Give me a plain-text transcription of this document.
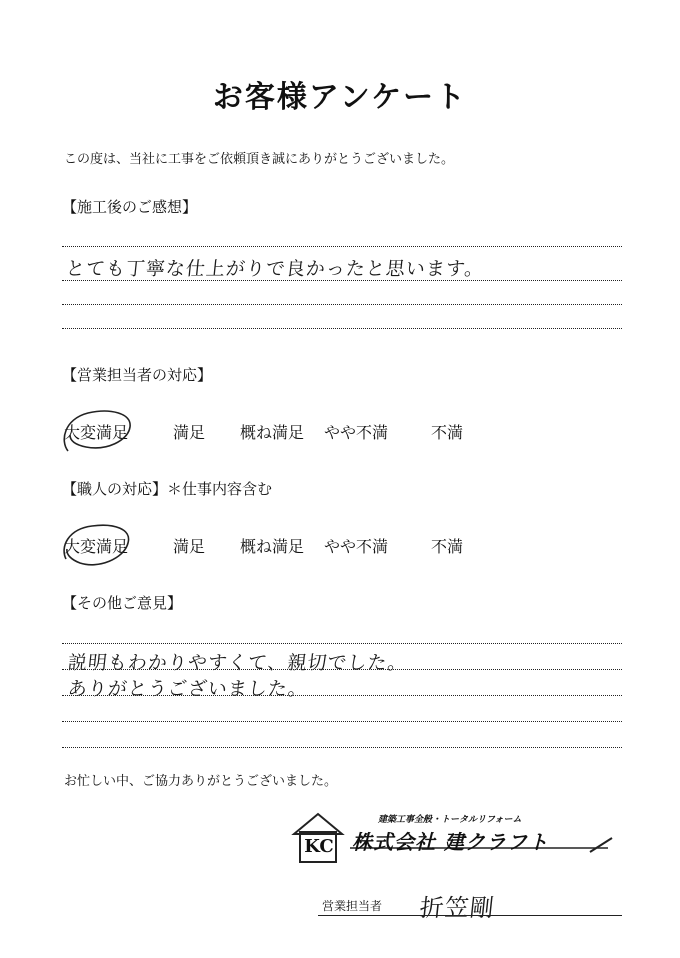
お客様アンケート
この度は、当社に工事をご依頼頂き誠にありがとうございました。
【施工後のご感想】
とても丁寧な仕上がりで良かったと思います。
【営業担当者の対応】
大変満足	満足 概ね満足 やや不満	不満
【職人の対応】＊仕事内容含む
大変満足	満足 概ね満足 やや不満	不満
【その他ご意見】
説明もわかりやすくて、親切でした。
ありがとうございました。
お忙しい中、ご協力ありがとうございました。
KC
建築工事全般・トータルリフォーム
株式会社 建クラフト
営業担当者 折笠剛
